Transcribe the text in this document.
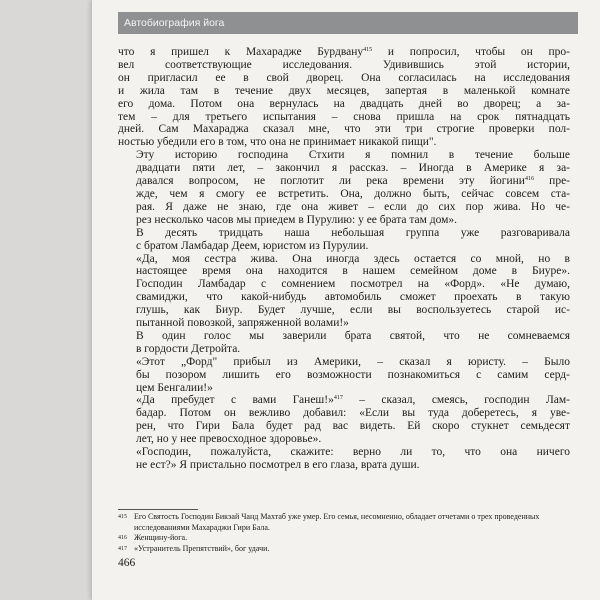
Автобиография йога

что я пришел к Махарадже Бурдвану$^{415}$ и попросил, чтобы он про-
вел соответствующие исследования. Удивившись этой истории,
он пригласил ее в свой дворец. Она согласилась на исследования
и жила там в течение двух месяцев, запертая в маленькой комнате
его дома. Потом она вернулась на двадцать дней во дворец; а за-
тем – для третьего испытания – снова пришла на срок пятнадцать
дней. Сам Махараджа сказал мне, что эти три строгие проверки пол-
ностью убедили его в том, что она не принимает никакой пищи".

Эту историю господина Стхити я помнил в течение больше
двадцати пяти лет, – закончил я рассказ. – Иногда в Америке я за-
давался вопросом, не поглотит ли река времени эту йогини$^{416}$ пре-
жде, чем я смогу ее встретить. Она, должно быть, сейчас совсем ста-
рая. Я даже не знаю, где она живет – если до сих пор жива. Но че-
рез несколько часов мы приедем в Пурулию: у ее брата там дом».

В десять тридцать наша небольшая группа уже разговаривала
с братом Ламбадар Деем, юристом из Пурулии.

«Да, моя сестра жива. Она иногда здесь остается со мной, но в
настоящее время она находится в нашем семейном доме в Биуре».
Господин Ламбадар с сомнением посмотрел на «Форд». «Не думаю,
свамиджи, что какой-нибудь автомобиль сможет проехать в такую
глушь, как Биур. Будет лучше, если вы воспользуетесь старой ис-
пытанной повозкой, запряженной волами!»

В один голос мы заверили брата святой, что не сомневаемся
в гордости Детройта.

«Этот „Форд" прибыл из Америки, – сказал я юристу. – Было
бы позором лишить его возможности познакомиться с самим серд-
цем Бенгалии!»

«Да пребудет с вами Ганеш!»$^{417}$ – сказал, смеясь, господин Лам-
бадар. Потом он вежливо добавил: «Если вы туда доберетесь, я уве-
рен, что Гири Бала будет рад вас видеть. Ей скоро стукнет семьдесят
лет, но у нее превосходное здоровье».

«Господин, пожалуйста, скажите: верно ли то, что она ничего
не ест?» Я пристально посмотрел в его глаза, врата души.

415 Его Святость Господин Бикэай Чанд Махтаб уже умер. Его семья, несомненно, обладает отчетами о трех проведенных исследованиями Махараджи Гири Бала.
416 Женщину-йога.
417 «Устранитель Препятствий», бог удачи.
466
